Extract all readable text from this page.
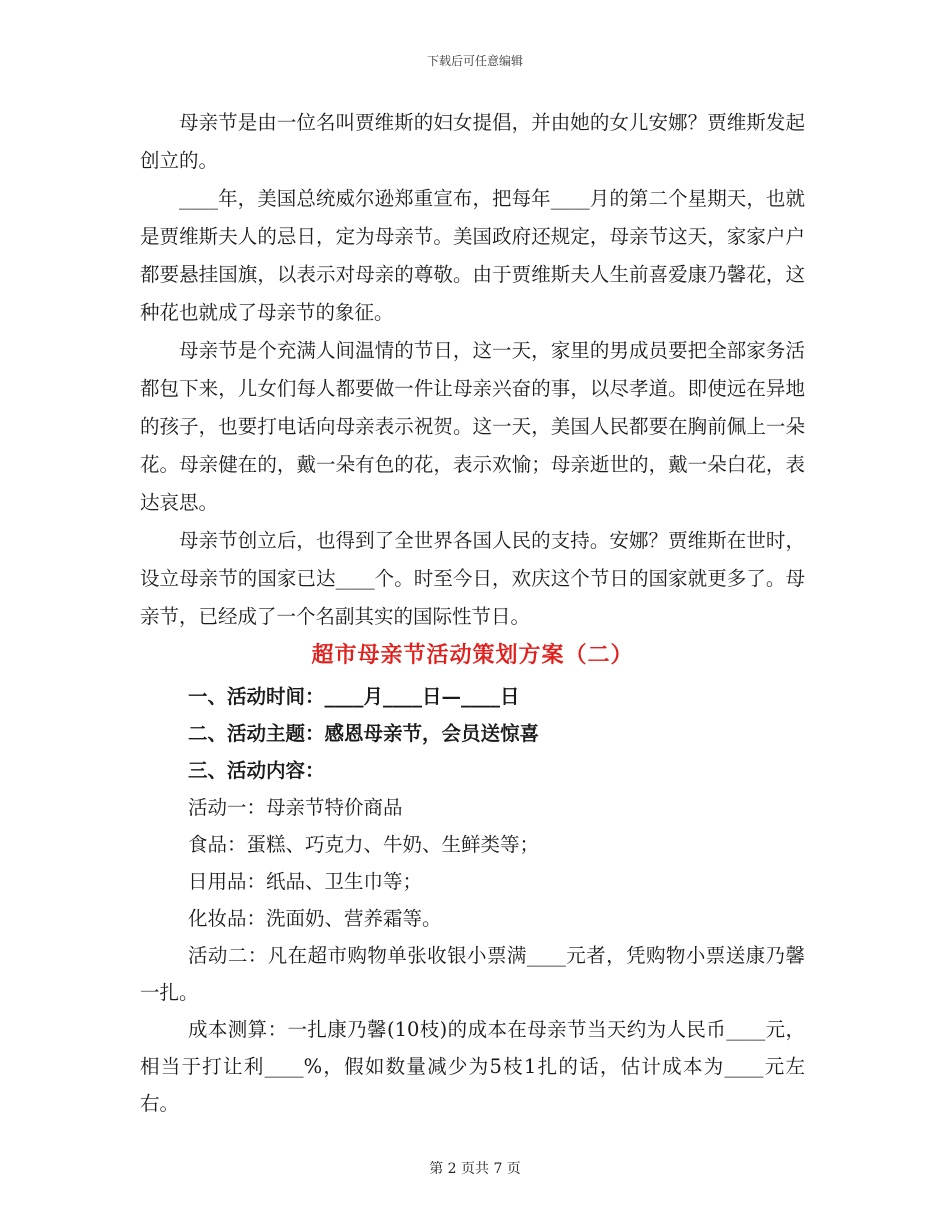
下载后可任意编辑

母亲节是由一位名叫贾维斯的妇女提倡，并由她的女儿安娜？贾维斯发起创立的。

____年，美国总统威尔逊郑重宣布，把每年____月的第二个星期天，也就是贾维斯夫人的忌日，定为母亲节。美国政府还规定，母亲节这天，家家户户都要悬挂国旗，以表示对母亲的尊敬。由于贾维斯夫人生前喜爱康乃馨花，这种花也就成了母亲节的象征。

母亲节是个充满人间温情的节日，这一天，家里的男成员要把全部家务活都包下来，儿女们每人都要做一件让母亲兴奋的事，以尽孝道。即使远在异地的孩子，也要打电话向母亲表示祝贺。这一天，美国人民都要在胸前佩上一朵花。母亲健在的，戴一朵有色的花，表示欢愉；母亲逝世的，戴一朵白花，表达哀思。

母亲节创立后，也得到了全世界各国人民的支持。安娜？贾维斯在世时，设立母亲节的国家已达____个。时至今日，欢庆这个节日的国家就更多了。母亲节，已经成了一个名副其实的国际性节日。

超市母亲节活动策划方案（二）

一、活动时间：____月____日—____日

二、活动主题：感恩母亲节，会员送惊喜

三、活动内容：

活动一：母亲节特价商品

食品：蛋糕、巧克力、牛奶、生鲜类等；

日用品：纸品、卫生巾等；

化妆品：洗面奶、营养霜等。

活动二：凡在超市购物单张收银小票满____元者，凭购物小票送康乃馨一扎。

成本测算：一扎康乃馨(10枝)的成本在母亲节当天约为人民币____元，相当于打让利____%，假如数量减少为5枝1扎的话，估计成本为____元左右。

第 2 页共 7 页
